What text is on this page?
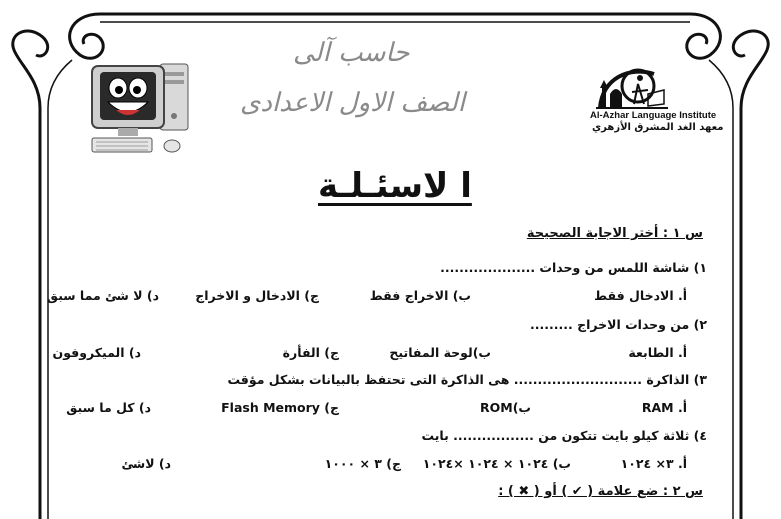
حاسب آلى
الصف الاول الاعدادى	Al-Azhar Language Institute
معهد الغد المشرق الأزهري
ا لاسئـلـة
س ١ : أختر الاجابة الصحيحة
١) شاشة اللمس من وحدات ....................
أ. الادخال فقط
ب) الاخراج فقط
ج) الادخال و الاخراج
د) لا شئ مما سبق
٢) من وحدات الاخراج .........
أ. الطابعة
ب)لوحة المفاتيح
ج) الفأرة
د) الميكروفون
٣) الذاكرة ........................... هى الذاكرة التى تحتفظ بالبيانات بشكل مؤقت
أ. RAM
ب)ROM
ج) Flash Memory
د) كل ما سبق
٤) ثلاثة كيلو بايت تتكون من ................. بايت
أ. ٣× ١٠٢٤
ب) ١٠٢٤ × ١٠٢٤ ×١٠٢٤
ج) ٣ × ١٠٠٠
د) لاشئ
س ٢ : ضع علامة ( ✔ ) أو ( ✖ ) :
